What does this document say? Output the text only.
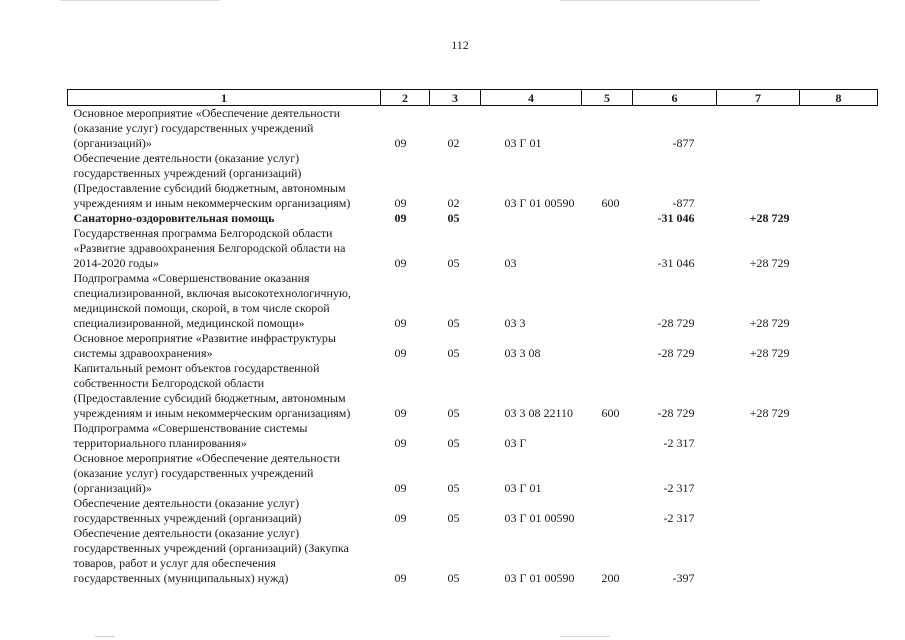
112
1	2	3	4	5	6	7	8
Основное мероприятие «Обеспечение деятельности
(оказание услуг) государственных учреждений
(организаций)»	09	02	03 Г 01		-877		
Обеспечение деятельности (оказание услуг)
государственных учреждений (организаций)
(Предоставление субсидий бюджетным, автономным
учреждениям и иным некоммерческим организациям)	09	02	03 Г 01 00590	600	-877		
Санаторно-оздоровительная помощь	09	05			-31 046	+28 729	
Государственная программа Белгородской области
«Развитие здравоохранения Белгородской области на
2014-2020 годы»	09	05	03		-31 046	+28 729	
Подпрограмма «Совершенствование оказания
специализированной, включая высокотехнологичную,
медицинской помощи, скорой, в том числе скорой
специализированной, медицинской помощи»	09	05	03 3		-28 729	+28 729	
Основное мероприятие «Развитие инфраструктуры
системы здравоохранения»	09	05	03 3 08		-28 729	+28 729	
Капитальный ремонт объектов государственной
собственности Белгородской области
(Предоставление субсидий бюджетным, автономным
учреждениям и иным некоммерческим организациям)	09	05	03 3 08 22110	600	-28 729	+28 729	
Подпрограмма «Совершенствование системы
территориального планирования»	09	05	03 Г		-2 317		
Основное мероприятие «Обеспечение деятельности
(оказание услуг) государственных учреждений
(организаций)»	09	05	03 Г 01		-2 317		
Обеспечение деятельности (оказание услуг)
государственных учреждений (организаций)	09	05	03 Г 01 00590		-2 317		
Обеспечение деятельности (оказание услуг)
государственных учреждений (организаций) (Закупка
товаров, работ и услуг для обеспечения
государственных (муниципальных) нужд)	09	05	03 Г 01 00590	200	-397		
